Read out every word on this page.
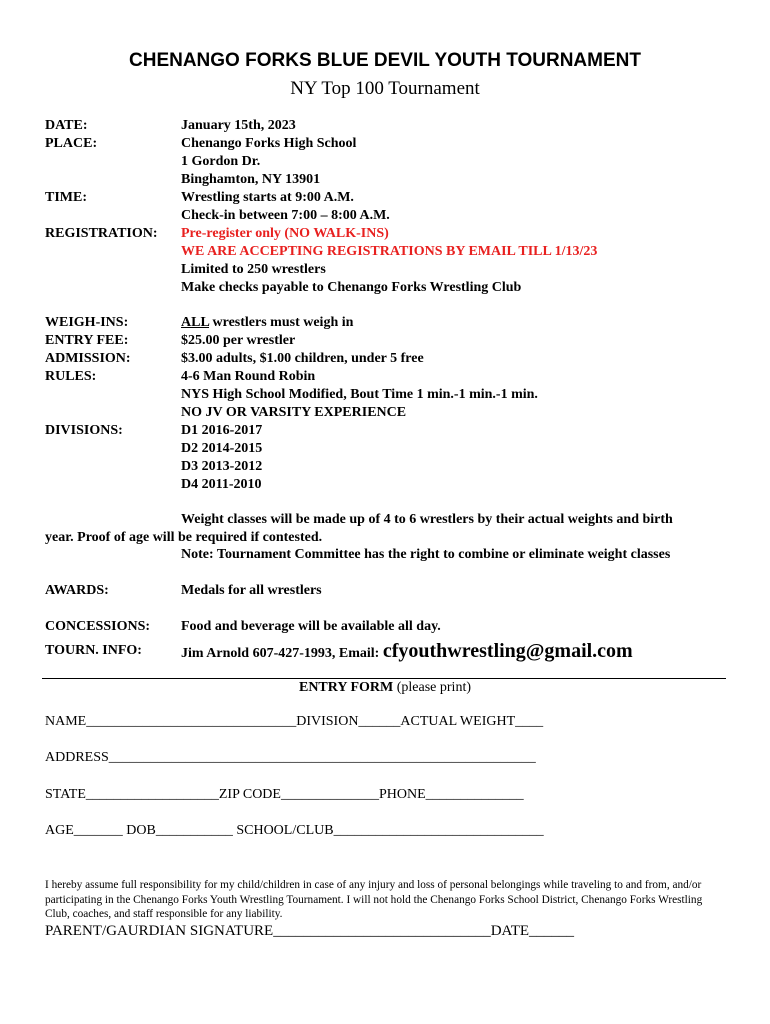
CHENANGO FORKS BLUE DEVIL YOUTH TOURNAMENT
NY Top 100 Tournament
DATE:	January 15th, 2023
PLACE:	Chenango Forks High School
1 Gordon Dr.
Binghamton, NY 13901
TIME:	Wrestling starts at 9:00 A.M.
Check-in between 7:00 – 8:00 A.M.
REGISTRATION: Pre-register only (NO WALK-INS)
WE ARE ACCEPTING REGISTRATIONS BY EMAIL TILL 1/13/23
Limited to 250 wrestlers
Make checks payable to Chenango Forks Wrestling Club
WEIGH-INS:	ALL wrestlers must weigh in
ENTRY FEE:	$25.00 per wrestler
ADMISSION:	$3.00 adults, $1.00 children, under 5 free
RULES:	4-6 Man Round Robin
NYS High School Modified, Bout Time 1 min.-1 min.-1 min.
NO JV OR VARSITY EXPERIENCE
DIVISIONS:	D1 2016-2017
D2 2014-2015
D3 2013-2012
D4 2011-2010
Weight classes will be made up of 4 to 6 wrestlers by their actual weights and birth
year. Proof of age will be required if contested.
Note: Tournament Committee has the right to combine or eliminate weight classes
AWARDS:	Medals for all wrestlers
CONCESSIONS: Food and beverage will be available all day.
TOURN. INFO:	Jim Arnold 607-427-1993, Email: cfyouthwrestling@gmail.com
ENTRY FORM (please print)
NAME______________________________DIVISION______ACTUAL WEIGHT____
ADDRESS_____________________________________________________________
STATE___________________ZIP CODE______________PHONE______________
AGE_______ DOB___________ SCHOOL/CLUB______________________________
I hereby assume full responsibility for my child/children in case of any injury and loss of personal belongings while traveling to and from, and/or participating in the Chenango Forks Youth Wrestling Tournament. I will not hold the Chenango Forks School District, Chenango Forks Wrestling Club, coaches, and staff responsible for any liability.
PARENT/GAURDIAN SIGNATURE_____________________________DATE______
